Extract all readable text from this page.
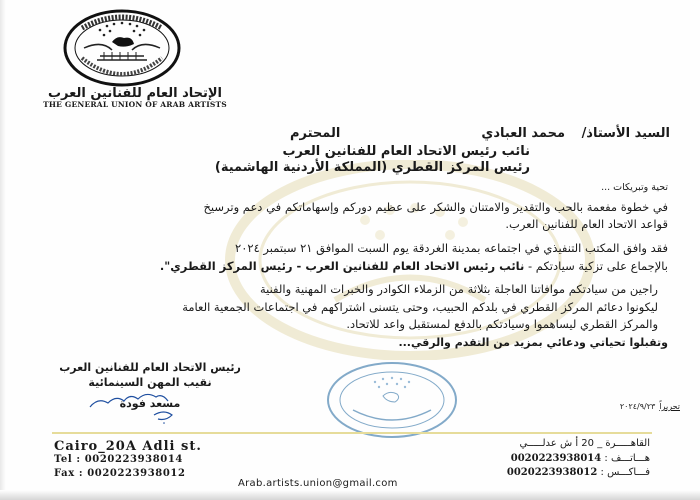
الإتحاد العام للفنانين العرب
THE GENERAL UNION OF ARAB ARTISTS
السيد الأستاذ/ محمد العبادي
المحترم
نائب رئيس الاتحاد العام للفنانين العرب
رئيس المركز القطري (المملكة الأردنية الهاشمية)
تحية وتبريكات ...
في خطوة مفعمة بالحب والتقدير والامتنان والشكر على عظيم دوركم وإسهاماتكم في دعم وترسيخ
قواعد الاتحاد العام للفنانين العرب.
فقد وافق المكتب التنفيذي في اجتماعه بمدينة الغردقة يوم السبت الموافق ٢١ سبتمبر ٢٠٢٤
بالإجماع على تزكية سيادتكم - نائب رئيس الاتحاد العام للفنانين العرب - رئيس المركز القطري".
راجين من سيادتكم موافاتنا العاجلة بثلاثة من الزملاء الكوادر والخبرات المهنية والفنية
ليكونوا دعائم المركز القطري في بلدكم الحبيب، وحتى يتسنى اشتراكهم في اجتماعات الجمعية العامة
والمركز القطري ليساهموا وسيادتكم بالدفع لمستقبل واعد للاتحاد.
وتقبلوا تحياتي ودعائي بمزيد من التقدم والرقي...
رئيس الاتحاد العام للفنانين العرب
نقيب المهن السينمائية
مسعد فودة	تحريراً٢٠٢٤/٩/٢٣
Cairo_20A Adli st.
Tel : 0020223938014
Fax : 0020223938012
Arab.artists.union@gmail.com
القاهـــــرة _ 20 أ ش عدلـــــي
هـــاتـــف : 0020223938014
فـــاكـــس : 0020223938012
